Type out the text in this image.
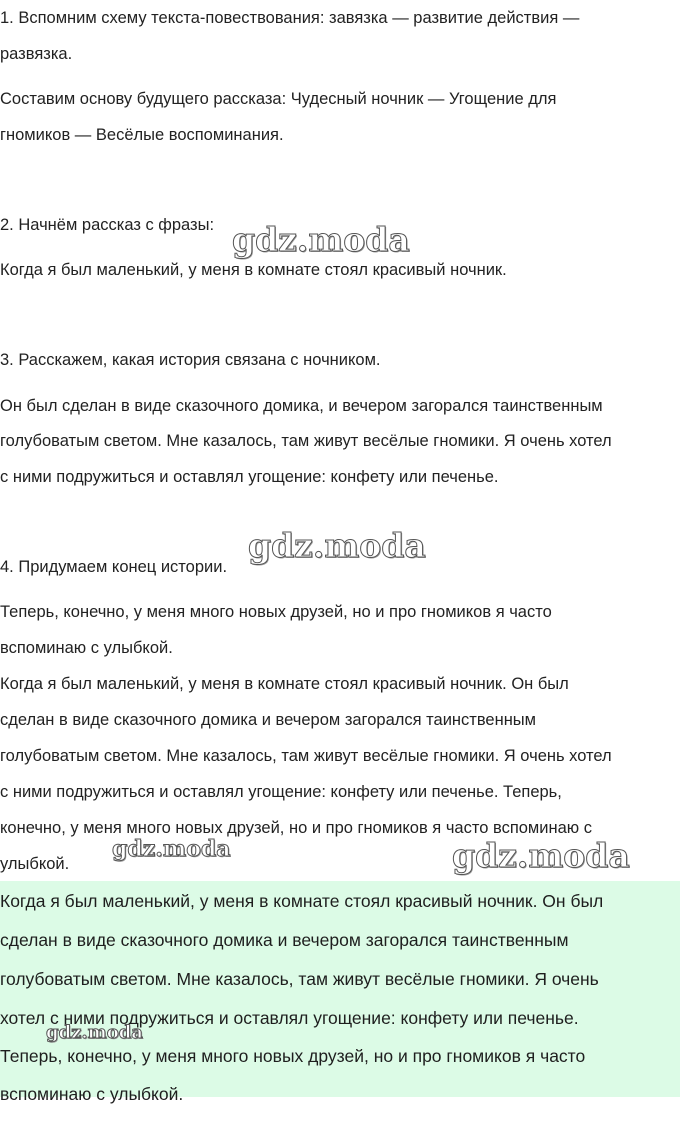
1. Вспомним схему текста-повествования: завязка — развитие действия —
развязка.
Составим основу будущего рассказа: Чудесный ночник — Угощение для
гномиков — Весёлые воспоминания.
2. Начнём рассказ с фразы:
Когда я был маленький, у меня в комнате стоял красивый ночник.
3. Расскажем, какая история связана с ночником.
Он был сделан в виде сказочного домика, и вечером загорался таинственным
голубоватым светом. Мне казалось, там живут весёлые гномики. Я очень хотел
с ними подружиться и оставлял угощение: конфету или печенье.
4. Придумаем конец истории.
Теперь, конечно, у меня много новых друзей, но и про гномиков я часто
вспоминаю с улыбкой.
Когда я был маленький, у меня в комнате стоял красивый ночник. Он был
сделан в виде сказочного домика и вечером загорался таинственным
голубоватым светом. Мне казалось, там живут весёлые гномики. Я очень хотел
с ними подружиться и оставлял угощение: конфету или печенье. Теперь,
конечно, у меня много новых друзей, но и про гномиков я часто вспоминаю с
улыбкой.
Когда я был маленький, у меня в комнате стоял красивый ночник. Он был
сделан в виде сказочного домика и вечером загорался таинственным
голубоватым светом. Мне казалось, там живут весёлые гномики. Я очень
хотел с ними подружиться и оставлял угощение: конфету или печенье.
Теперь, конечно, у меня много новых друзей, но и про гномиков я часто
вспоминаю с улыбкой.
gdz.moda
gdz.moda
gdz.moda	gdz.moda
gdz.moda
